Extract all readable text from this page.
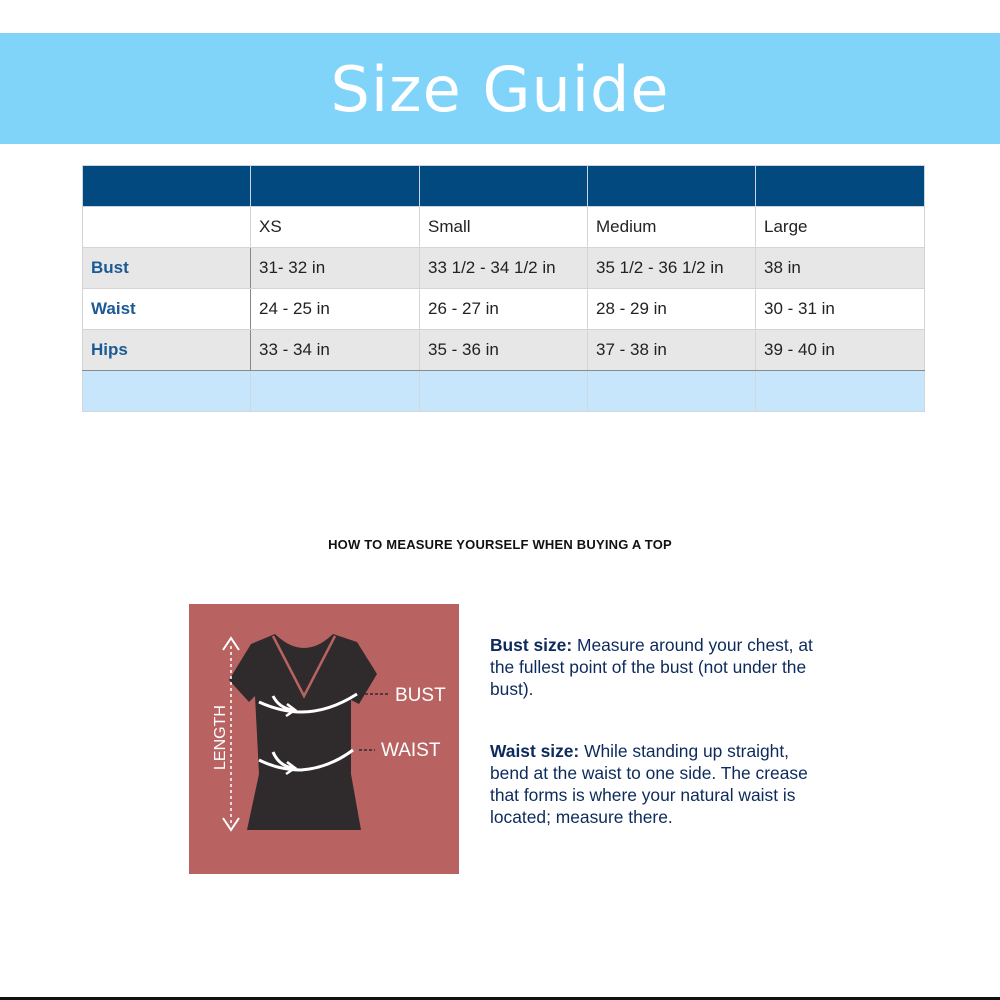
Size Guide

	XS	Small	Medium	Large
Bust	31- 32 in	33 1/2 - 34 1/2 in	35 1/2 - 36 1/2 in	38 in
Waist	24 - 25 in	26 - 27 in	28 - 29 in	30 - 31 in
Hips	33 - 34 in	35 - 36 in	37 - 38 in	39 - 40 in

HOW TO MEASURE YOURSELF WHEN BUYING A TOP
LENGTH
BUST
WAIST
Bust size: Measure around your chest, at the fullest point of the bust (not under the bust).
Waist size: While standing up straight, bend at the waist to one side. The crease that forms is where your natural waist is located; measure there.
